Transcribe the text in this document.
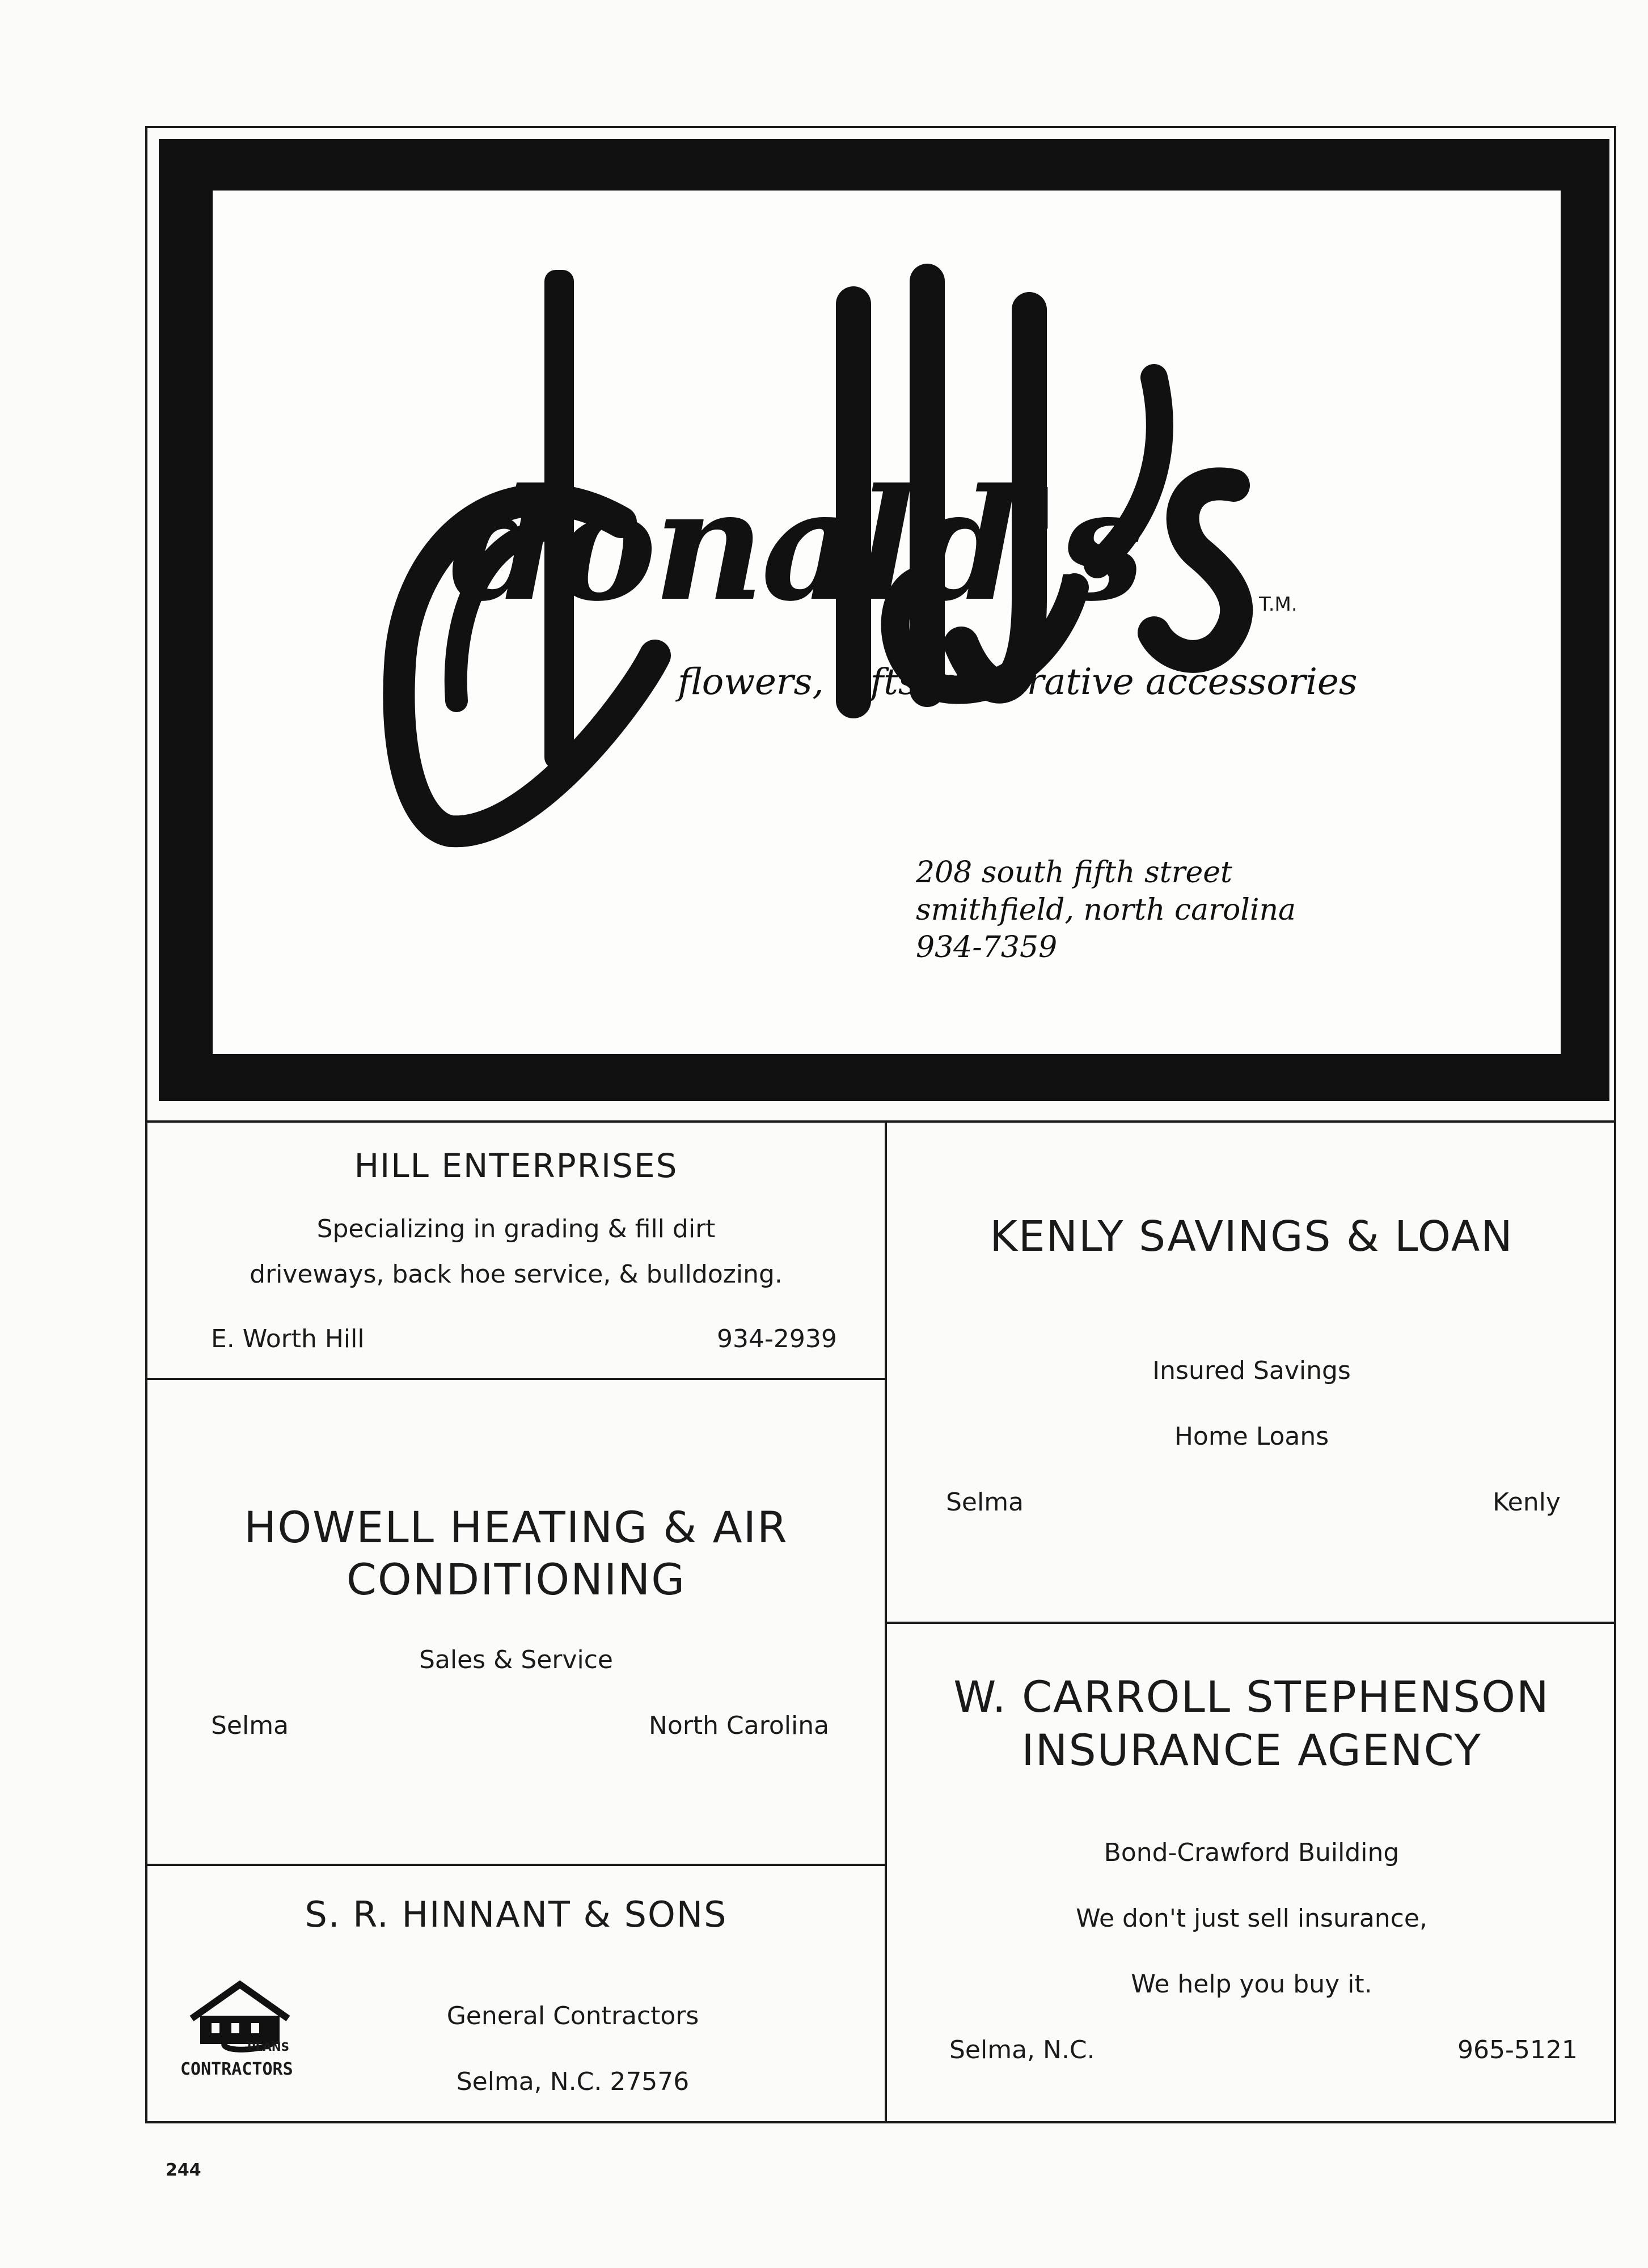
donald's	T.M.
flowers, gifts, decorative accessories
208 south fifth street
smithfield, north carolina
934-7359
HILL ENTERPRISES
Specializing in grading & fill dirt
driveways, back hoe service, & bulldozing.
E. Worth Hill	934-2939
HOWELL HEATING & AIR
CONDITIONING
Sales & Service
Selma	North Carolina
S. R. HINNANT & SONS
PLANS
CONTRACTORS
General Contractors
Selma, N.C. 27576
KENLY SAVINGS & LOAN
Insured Savings
Home Loans
Selma	Kenly
W. CARROLL STEPHENSON
INSURANCE AGENCY
Bond-Crawford Building
We don't just sell insurance,
We help you buy it.
Selma, N.C.	965-5121
244
